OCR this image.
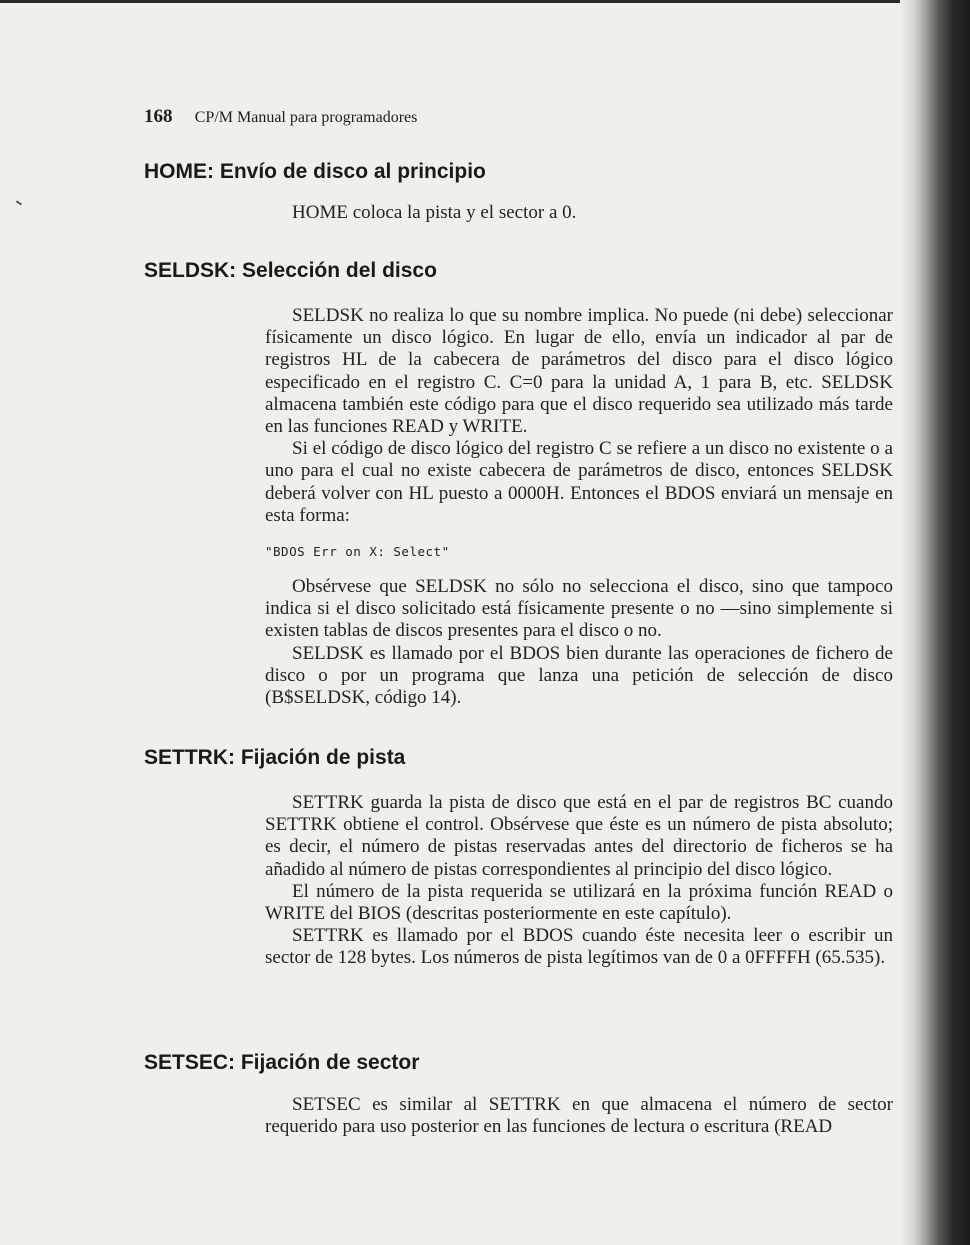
168 CP/M Manual para programadores
HOME: Envío de disco al principio

HOME coloca la pista y el sector a 0.

SELDSK: Selección del disco

SELDSK no realiza lo que su nombre implica. No puede (ni debe) seleccionar físicamente un disco lógico. En lugar de ello, envía un indicador al par de registros HL de la cabecera de parámetros del disco para el disco lógico especificado en el registro C. C=0 para la unidad A, 1 para B, etc. SELDSK almacena también este código para que el disco requerido sea utilizado más tarde en las funciones READ y WRITE.

Si el código de disco lógico del registro C se refiere a un disco no existente o a uno para el cual no existe cabecera de parámetros de disco, entonces SELDSK deberá volver con HL puesto a 0000H. Entonces el BDOS enviará un mensaje en esta forma:

"BDOS Err on X: Select"

Obsérvese que SELDSK no sólo no selecciona el disco, sino que tampoco indica si el disco solicitado está físicamente presente o no —sino simplemente si existen tablas de discos presentes para el disco o no.

SELDSK es llamado por el BDOS bien durante las operaciones de fichero de disco o por un programa que lanza una petición de selección de disco (B$SELDSK, código 14).

SETTRK: Fijación de pista

SETTRK guarda la pista de disco que está en el par de registros BC cuando SETTRK obtiene el control. Obsérvese que éste es un número de pista absoluto; es decir, el número de pistas reservadas antes del directorio de ficheros se ha añadido al número de pistas correspondientes al principio del disco lógico.

El número de la pista requerida se utilizará en la próxima función READ o WRITE del BIOS (descritas posteriormente en este capítulo).

SETTRK es llamado por el BDOS cuando éste necesita leer o escribir un sector de 128 bytes. Los números de pista legítimos van de 0 a 0FFFFH (65.535).

SETSEC: Fijación de sector

SETSEC es similar al SETTRK en que almacena el número de sector requerido para uso posterior en las funciones de lectura o escritura (READ
